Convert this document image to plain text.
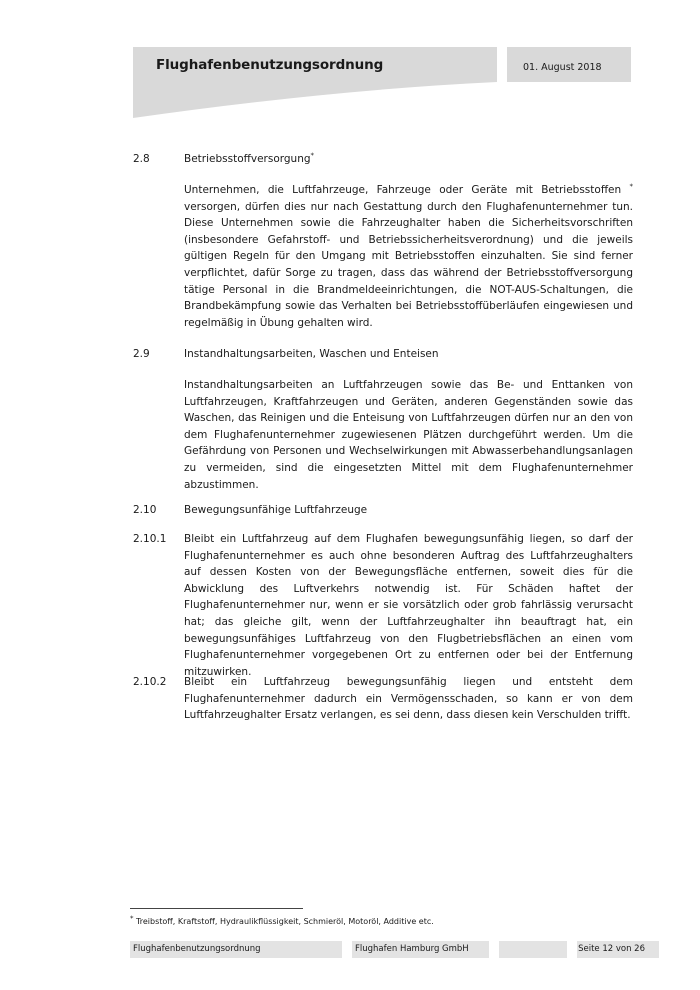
Flughafenbenutzungsordnung	01. August 2018
2.8	Betriebsstoffversorgung*

Unternehmen, die Luftfahrzeuge, Fahrzeuge oder Geräte mit Betriebsstoffen * versorgen, dürfen dies nur nach Gestattung durch den Flughafenunternehmer tun. Diese Unternehmen sowie die Fahrzeughalter haben die Sicherheitsvorschriften (insbesondere Gefahrstoff- und Betriebssicherheitsverordnung) und die jeweils gültigen Regeln für den Umgang mit Betriebsstoffen einzuhalten. Sie sind ferner verpflichtet, dafür Sorge zu tragen, dass das während der Betriebsstoffversorgung tätige Personal in die Brandmeldeeinrichtungen, die NOT-AUS-Schaltungen, die Brandbekämpfung sowie das Verhalten bei Betriebsstoffüberläufen eingewiesen und regelmäßig in Übung gehalten wird.

2.9	Instandhaltungsarbeiten, Waschen und Enteisen

Instandhaltungsarbeiten an Luftfahrzeugen sowie das Be- und Enttanken von Luftfahrzeugen, Kraftfahrzeugen und Geräten, anderen Gegenständen sowie das Waschen, das Reinigen und die Enteisung von Luftfahrzeugen dürfen nur an den von dem Flughafenunternehmer zugewiesenen Plätzen durchgeführt werden. Um die Gefährdung von Personen und Wechselwirkungen mit Abwasserbehandlungsanlagen zu vermeiden, sind die eingesetzten Mittel mit dem Flughafenunternehmer abzustimmen.

2.10	Bewegungsunfähige Luftfahrzeuge
2.10.1 Bleibt ein Luftfahrzeug auf dem Flughafen bewegungsunfähig liegen, so darf der Flughafenunternehmer es auch ohne besonderen Auftrag des Luftfahrzeughalters auf dessen Kosten von der Bewegungsfläche entfernen, soweit dies für die Abwicklung des Luftverkehrs notwendig ist. Für Schäden haftet der Flughafenunternehmer nur, wenn er sie vorsätzlich oder grob fahrlässig verursacht hat; das gleiche gilt, wenn der Luftfahrzeughalter ihn beauftragt hat, ein bewegungsunfähiges Luftfahrzeug von den Flugbetriebsflächen an einen vom Flughafenunternehmer vorgegebenen Ort zu entfernen oder bei der Entfernung mitzuwirken.

2.10.2 Bleibt ein Luftfahrzeug bewegungsunfähig liegen und entsteht dem Flughafenunternehmer dadurch ein Vermögensschaden, so kann er von dem Luftfahrzeughalter Ersatz verlangen, es sei denn, dass diesen kein Verschulden trifft.

* Treibstoff, Kraftstoff, Hydraulikflüssigkeit, Schmieröl, Motoröl, Additive etc.
Flughafenbenutzungsordnung	Flughafen Hamburg GmbH	Seite 12 von 26
